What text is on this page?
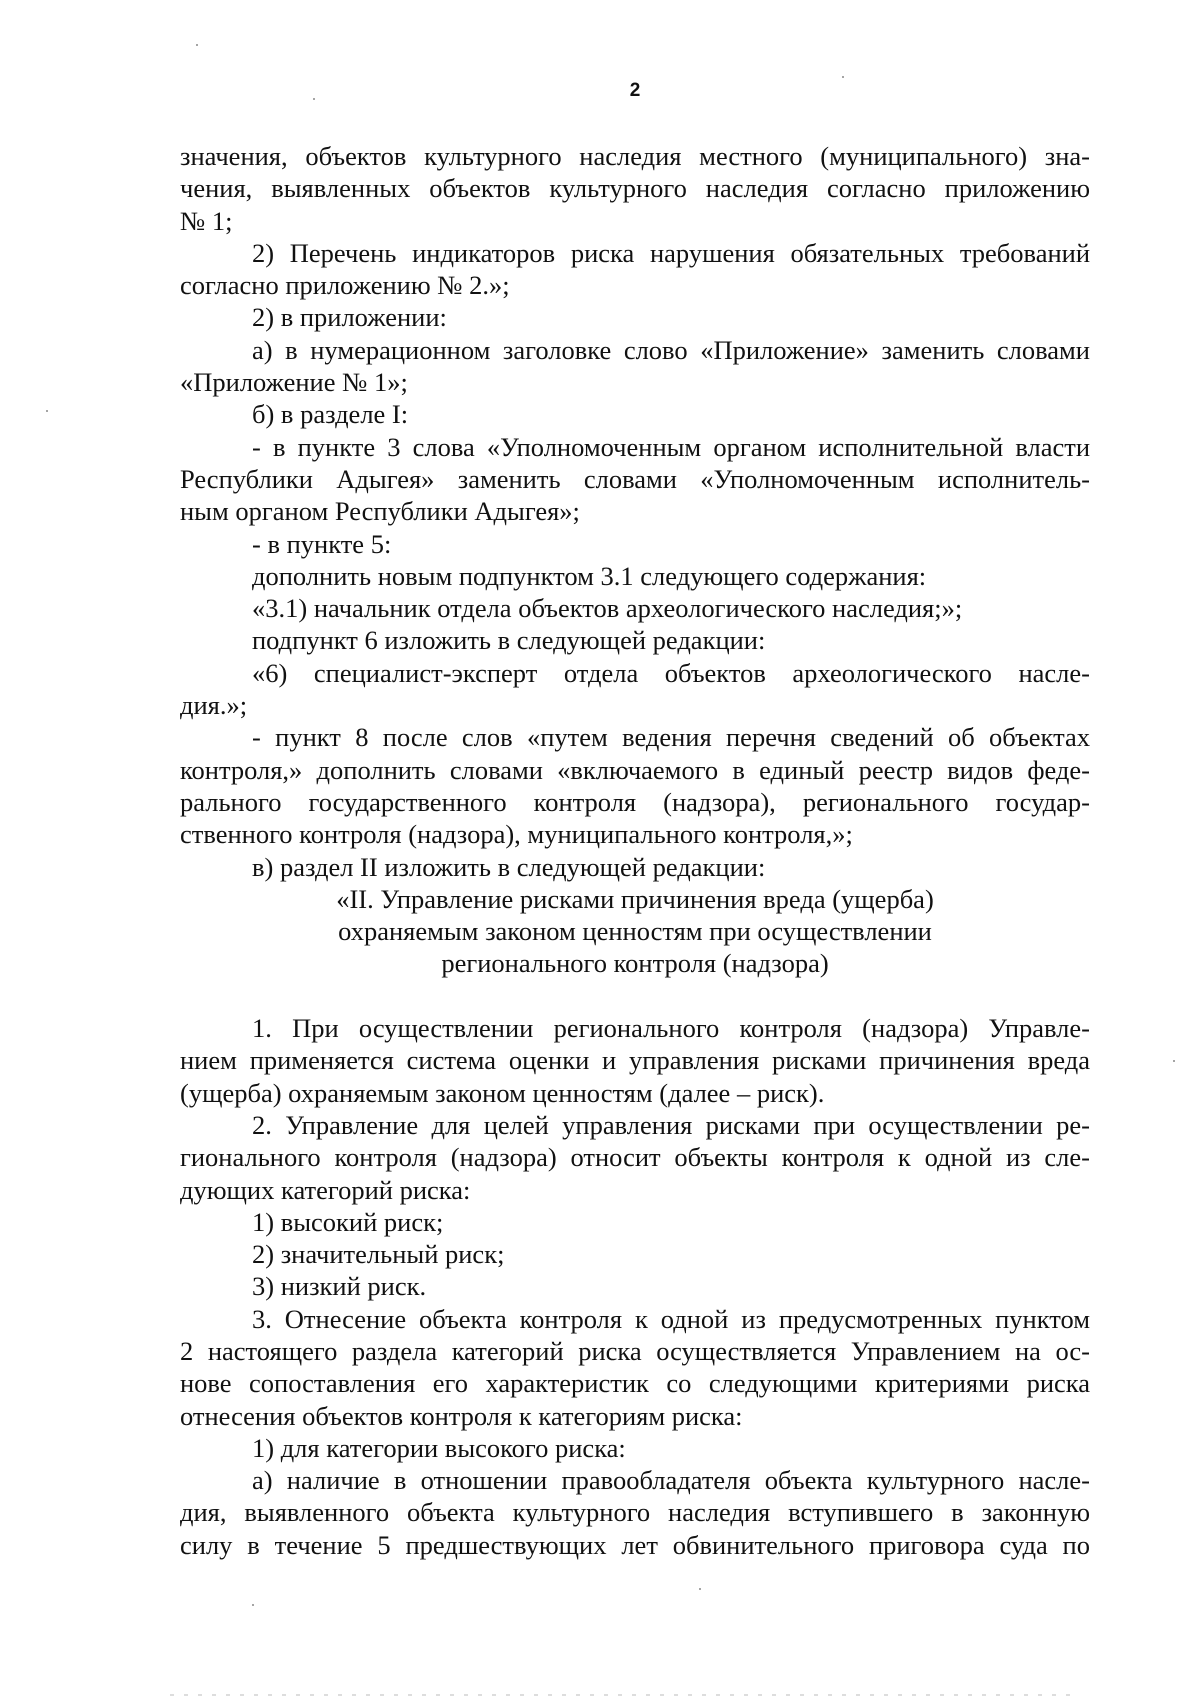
2
значения, объектов культурного наследия местного (муниципального) зна-
чения, выявленных объектов культурного наследия согласно приложению
№ 1;
2) Перечень индикаторов риска нарушения обязательных требований
согласно приложению № 2.»;
2) в приложении:
а) в нумерационном заголовке слово «Приложение» заменить словами
«Приложение № 1»;
б) в разделе I:
- в пункте 3 слова «Уполномоченным органом исполнительной власти
Республики Адыгея» заменить словами «Уполномоченным исполнитель-
ным органом Республики Адыгея»;
- в пункте 5:
дополнить новым подпунктом 3.1 следующего содержания:
«3.1) начальник отдела объектов археологического наследия;»;
подпункт 6 изложить в следующей редакции:
«6) специалист-эксперт отдела объектов археологического насле-
дия.»;
- пункт 8 после слов «путем ведения перечня сведений об объектах
контроля,» дополнить словами «включаемого в единый реестр видов феде-
рального государственного контроля (надзора), регионального государ-
ственного контроля (надзора), муниципального контроля,»;
в) раздел II изложить в следующей редакции:
«II. Управление рисками причинения вреда (ущерба)
охраняемым законом ценностям при осуществлении
регионального контроля (надзора)
1. При осуществлении регионального контроля (надзора) Управле-
нием применяется система оценки и управления рисками причинения вреда
(ущерба) охраняемым законом ценностям (далее – риск).
2. Управление для целей управления рисками при осуществлении ре-
гионального контроля (надзора) относит объекты контроля к одной из сле-
дующих категорий риска:
1) высокий риск;
2) значительный риск;
3) низкий риск.
3. Отнесение объекта контроля к одной из предусмотренных пунктом
2 настоящего раздела категорий риска осуществляется Управлением на ос-
нове сопоставления его характеристик со следующими критериями риска
отнесения объектов контроля к категориям риска:
1) для категории высокого риска:
а) наличие в отношении правообладателя объекта культурного насле-
дия, выявленного объекта культурного наследия вступившего в законную
силу в течение 5 предшествующих лет обвинительного приговора суда по
